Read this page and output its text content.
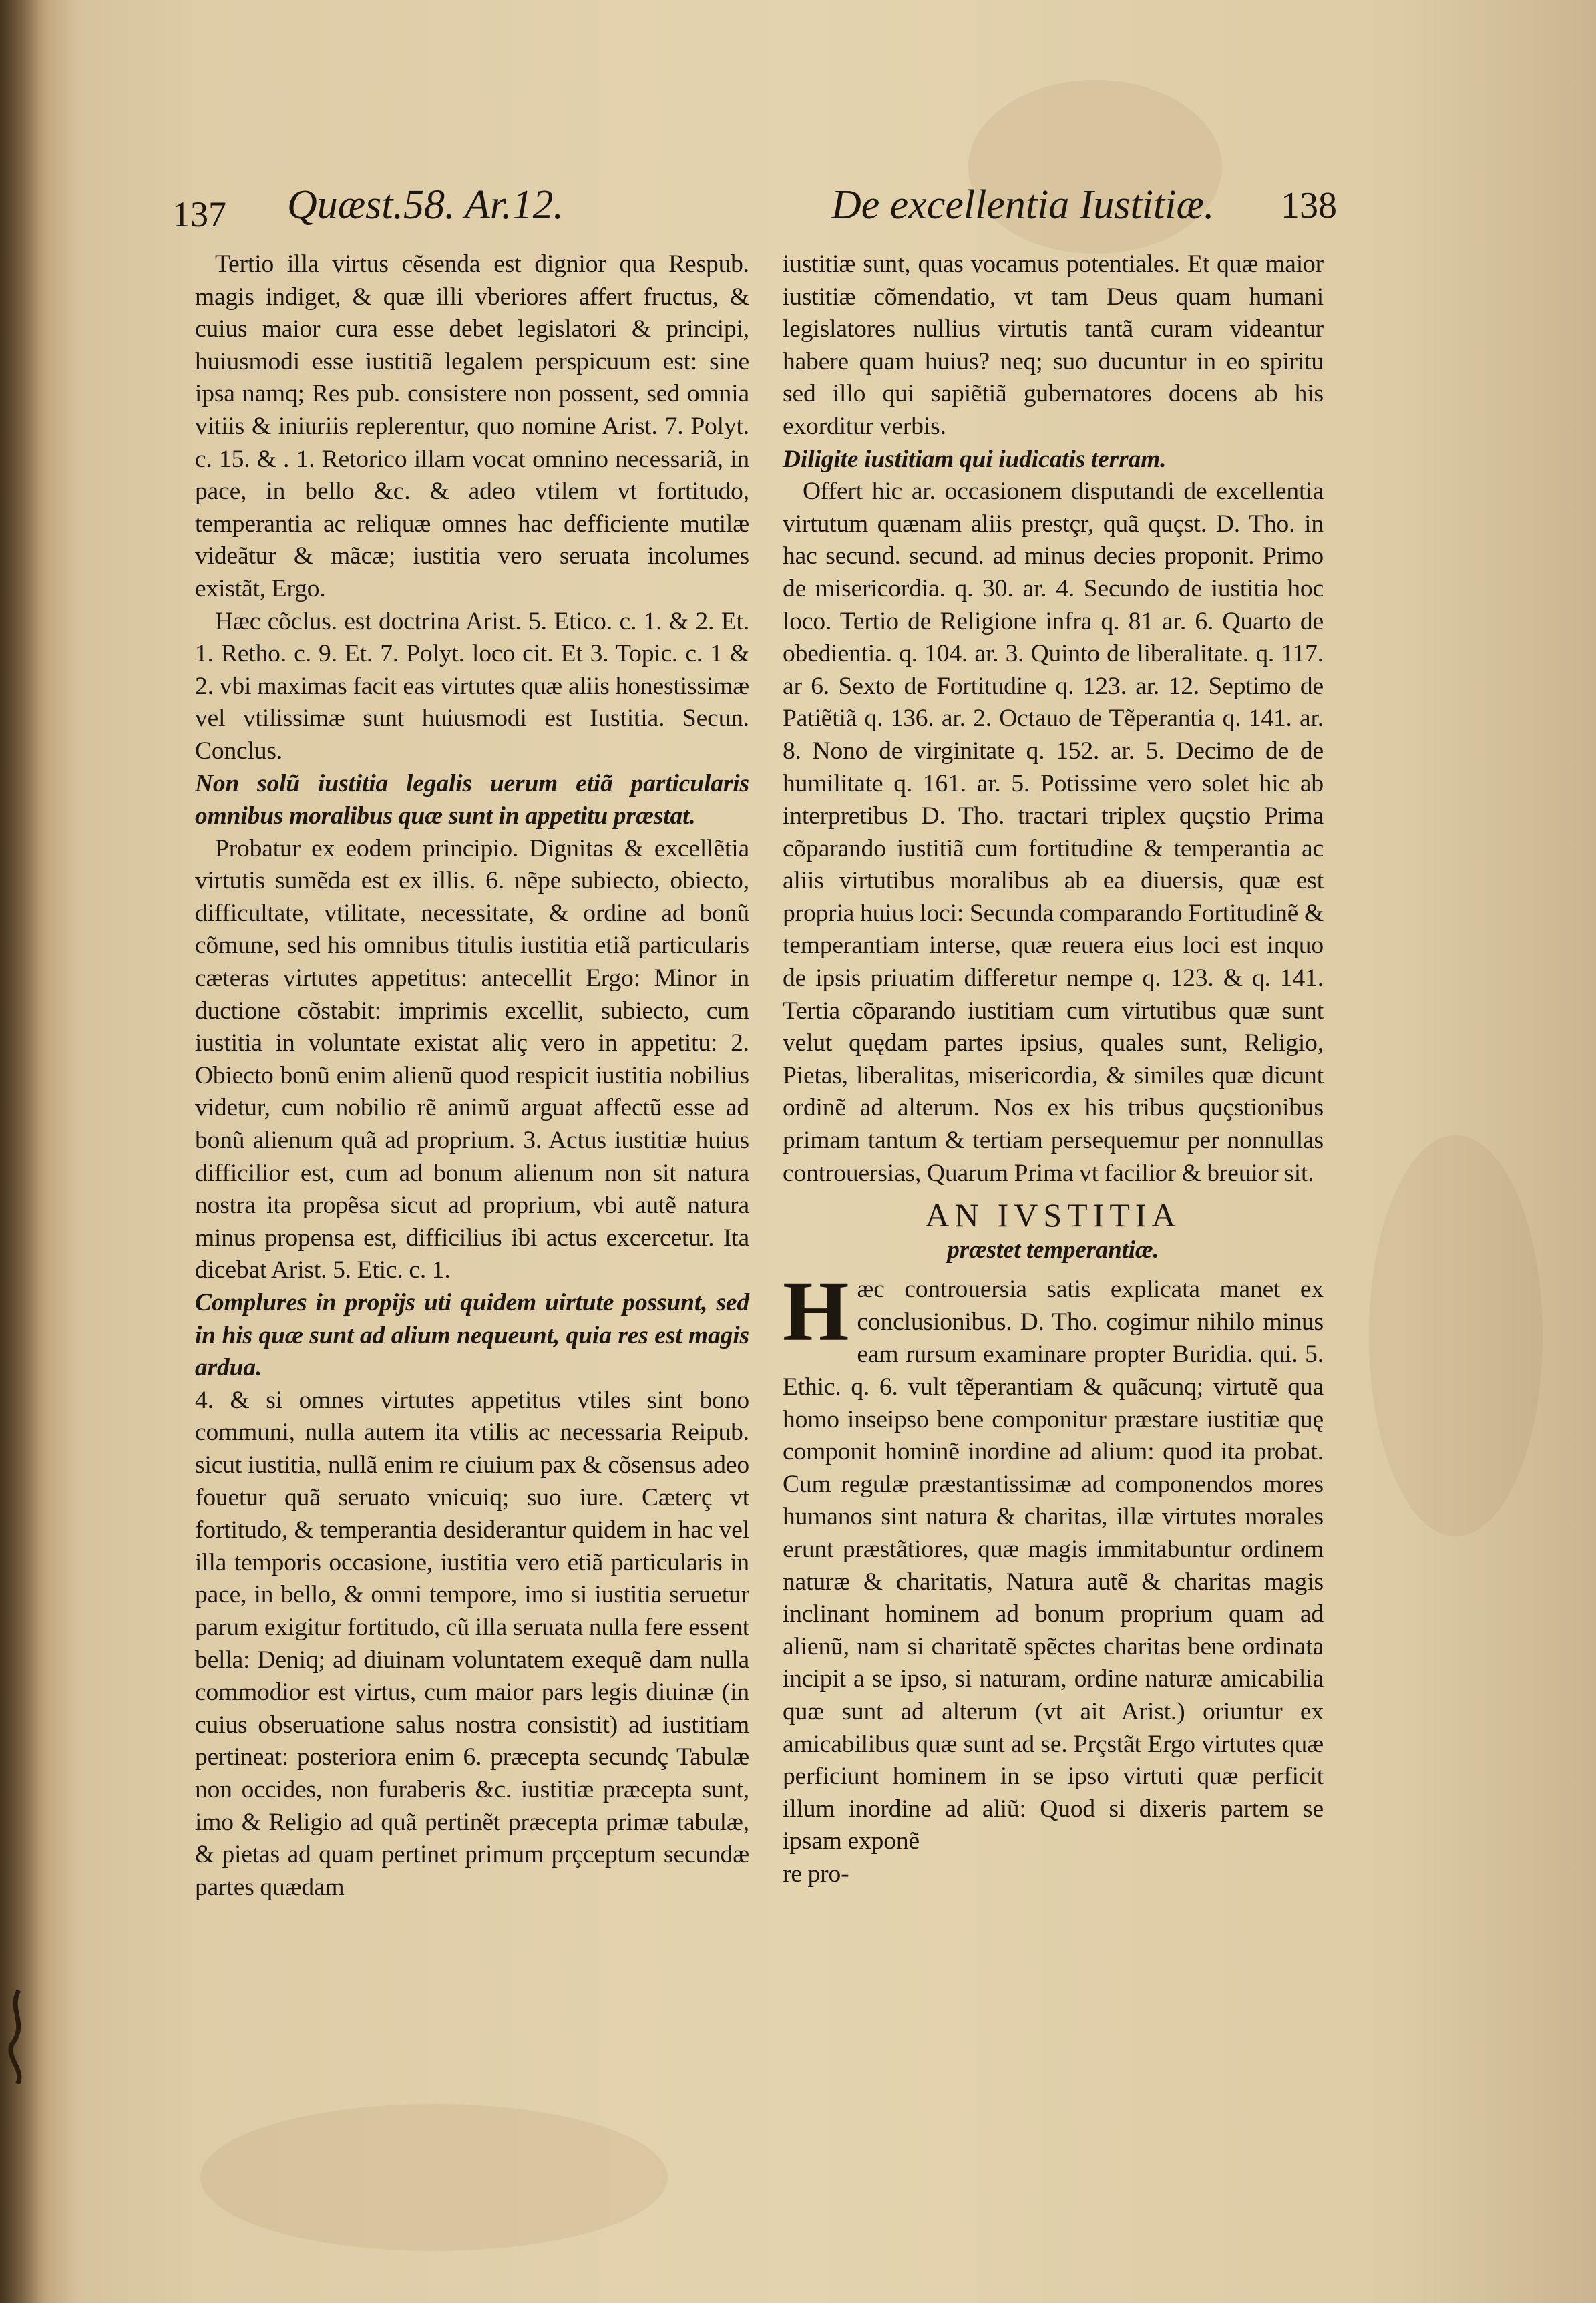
137 Quæst.58. Ar.12.	De excellentia Iustitiæ. 138

Tertio illa virtus cẽsenda est dignior qua Respub. magis indiget, & quæ illi vberiores affert fructus, & cuius maior cura esse debet legislatori & principi, huiusmodi esse iustitiã legalem perspicuum est: sine ipsa namq; Res pub. consistere non possent, sed omnia vitiis & iniuriis replerentur, quo nomine Arist. 7. Polyt. c. 15. & . 1. Retorico illam vocat omnino necessariã, in pace, in bello &c. & adeo vtilem vt fortitudo, temperantia ac reliquæ omnes hac defficiente mutilæ videãtur & mãcæ; iustitia vero seruata incolumes existãt, Ergo.

Hæc cõclus. est doctrina Arist. 5. Etico. c. 1. & 2. Et. 1. Retho. c. 9. Et. 7. Polyt. loco cit. Et 3. Topic. c. 1 & 2. vbi maximas facit eas virtutes quæ aliis honestissimæ vel vtilissimæ sunt huiusmodi est Iustitia. Secun. Conclus.

Non solũ iustitia legalis uerum etiã particularis omnibus moralibus quæ sunt in appetitu præstat.

Probatur ex eodem principio. Dignitas & excellẽtia virtutis sumẽda est ex illis. 6. nẽpe subiecto, obiecto, difficultate, vtilitate, necessitate, & ordine ad bonũ cõmune, sed his omnibus titulis iustitia etiã particularis cæteras virtutes appetitus: antecellit Ergo: Minor in ductione cõstabit: imprimis excellit, subiecto, cum iustitia in voluntate existat aliç vero in appetitu: 2. Obiecto bonũ enim alienũ quod respicit iustitia nobilius videtur, cum nobilio rẽ animũ arguat affectũ esse ad bonũ alienum quã ad proprium. 3. Actus iustitiæ huius difficilior est, cum ad bonum alienum non sit natura nostra ita propẽsa sicut ad proprium, vbi autẽ natura minus propensa est, difficilius ibi actus excercetur. Ita dicebat Arist. 5. Etic. c. 1.

Complures in propijs uti quidem uirtute possunt, sed in his quæ sunt ad alium nequeunt, quia res est magis ardua.

4. & si omnes virtutes appetitus vtiles sint bono communi, nulla autem ita vtilis ac necessaria Reipub. sicut iustitia, nullã enim re ciuium pax & cõsensus adeo fouetur quã seruato vnicuiq; suo iure. Cæterç vt fortitudo, & temperantia desiderantur quidem in hac vel illa temporis occasione, iustitia vero etiã particularis in pace, in bello, & omni tempore, imo si iustitia seruetur parum exigitur fortitudo, cũ illa seruata nulla fere essent bella: Deniq; ad diuinam voluntatem exequẽ dam nulla commodior est virtus, cum maior pars legis diuinæ (in cuius obseruatione salus nostra consistit) ad iustitiam pertineat: posteriora enim 6. præcepta secundç Tabulæ non occides, non furaberis &c. iustitiæ præcepta sunt, imo & Religio ad quã pertinẽt præcepta primæ tabulæ, & pietas ad quam pertinet primum prçceptum secundæ partes quædam

iustitiæ sunt, quas vocamus potentiales. Et quæ maior iustitiæ cõmendatio, vt tam Deus quam humani legislatores nullius virtutis tantã curam videantur habere quam huius? neq; suo ducuntur in eo spiritu sed illo qui sapiẽtiã gubernatores docens ab his exorditur verbis.

Diligite iustitiam qui iudicatis terram.

Offert hic ar. occasionem disputandi de excellentia virtutum quænam aliis prestçr, quã quçst. D. Tho. in hac secund. secund. ad minus decies proponit. Primo de misericordia. q. 30. ar. 4. Secundo de iustitia hoc loco. Tertio de Religione infra q. 81 ar. 6. Quarto de obedientia. q. 104. ar. 3. Quinto de liberalitate. q. 117. ar 6. Sexto de Fortitudine q. 123. ar. 12. Septimo de Patiẽtiã q. 136. ar. 2. Octauo de Tẽperantia q. 141. ar. 8. Nono de virginitate q. 152. ar. 5. Decimo de de humilitate q. 161. ar. 5. Potissime vero solet hic ab interpretibus D. Tho. tractari triplex quçstio Prima cõparando iustitiã cum fortitudine & temperantia ac aliis virtutibus moralibus ab ea diuersis, quæ est propria huius loci: Secunda comparando Fortitudinẽ & temperantiam interse, quæ reuera eius loci est inquo de ipsis priuatim differetur nempe q. 123. & q. 141. Tertia cõparando iustitiam cum virtutibus quæ sunt velut quędam partes ipsius, quales sunt, Religio, Pietas, liberalitas, misericordia, & similes quæ dicunt ordinẽ ad alterum. Nos ex his tribus quçstionibus primam tantum & tertiam persequemur per nonnullas controuersias, Quarum Prima vt facilior & breuior sit.

AN IVSTITIA
præstet temperantiæ.

Hæc controuersia satis explicata manet ex conclusionibus. D. Tho. cogimur nihilo minus eam rursum examinare propter Buridia. qui. 5. Ethic. q. 6. vult tẽperantiam & quãcunq; virtutẽ qua homo inseipso bene componitur præstare iustitiæ quę componit hominẽ inordine ad alium: quod ita probat. Cum regulæ præstantissimæ ad componendos mores humanos sint natura & charitas, illæ virtutes morales erunt præstãtiores, quæ magis immitabuntur ordinem naturæ & charitatis, Natura autẽ & charitas magis inclinant hominem ad bonum proprium quam ad alienũ, nam si charitatẽ spẽctes charitas bene ordinata incipit a se ipso, si naturam, ordine naturæ amicabilia quæ sunt ad alterum (vt ait Arist.) oriuntur ex amicabilibus quæ sunt ad se. Prçstãt Ergo virtutes quæ perficiunt hominem in se ipso virtuti quæ perficit illum inordine ad aliũ: Quod si dixeris partem se ipsam exponẽ

re pro-
